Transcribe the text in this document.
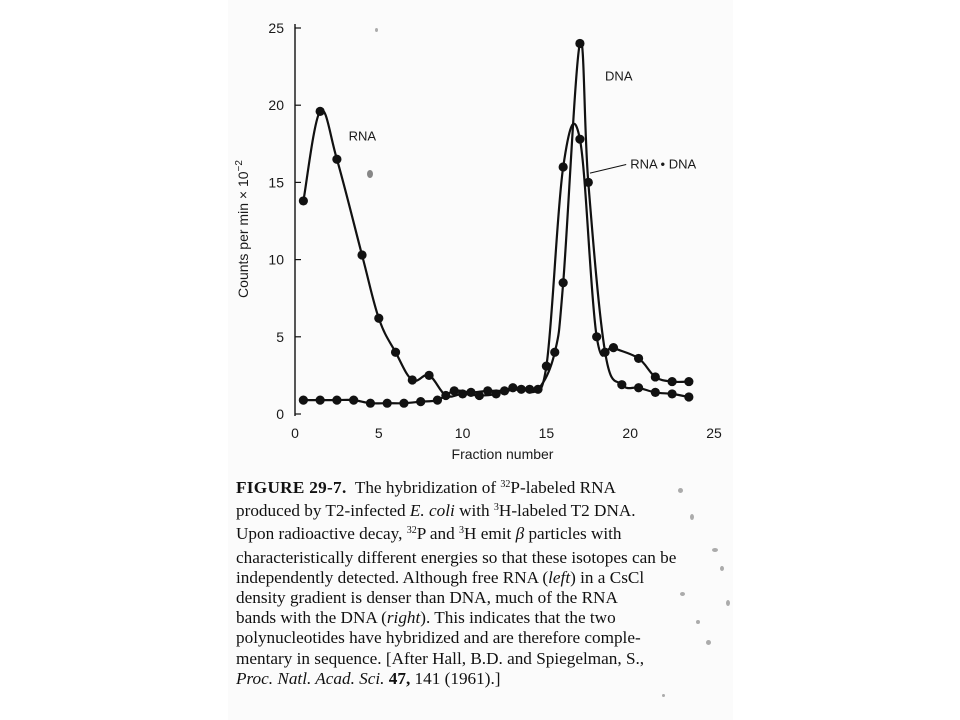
0
5
10
15
20
25
0	5	10	15	20	25
Fraction number
Counts per $\min \times 10^{-2}$
RNA
DNA
RNA • DNA
FIGURE 29-7. The hybridization of $^{32}$P-labeled RNA
produced by T2-infected E. coli with $^3$H-labeled T2 DNA.
Upon radioactive decay, $^{32}$P and $^3$H emit β particles with
characteristically different energies so that these isotopes can be
independently detected. Although free RNA (left) in a CsCl
density gradient is denser than DNA, much of the RNA
bands with the DNA (right). This indicates that the two
polynucleotides have hybridized and are therefore comple-
mentary in sequence. [After Hall, B.D. and Spiegelman, S.,
Proc. Natl. Acad. Sci. 47, 141 (1961).]
